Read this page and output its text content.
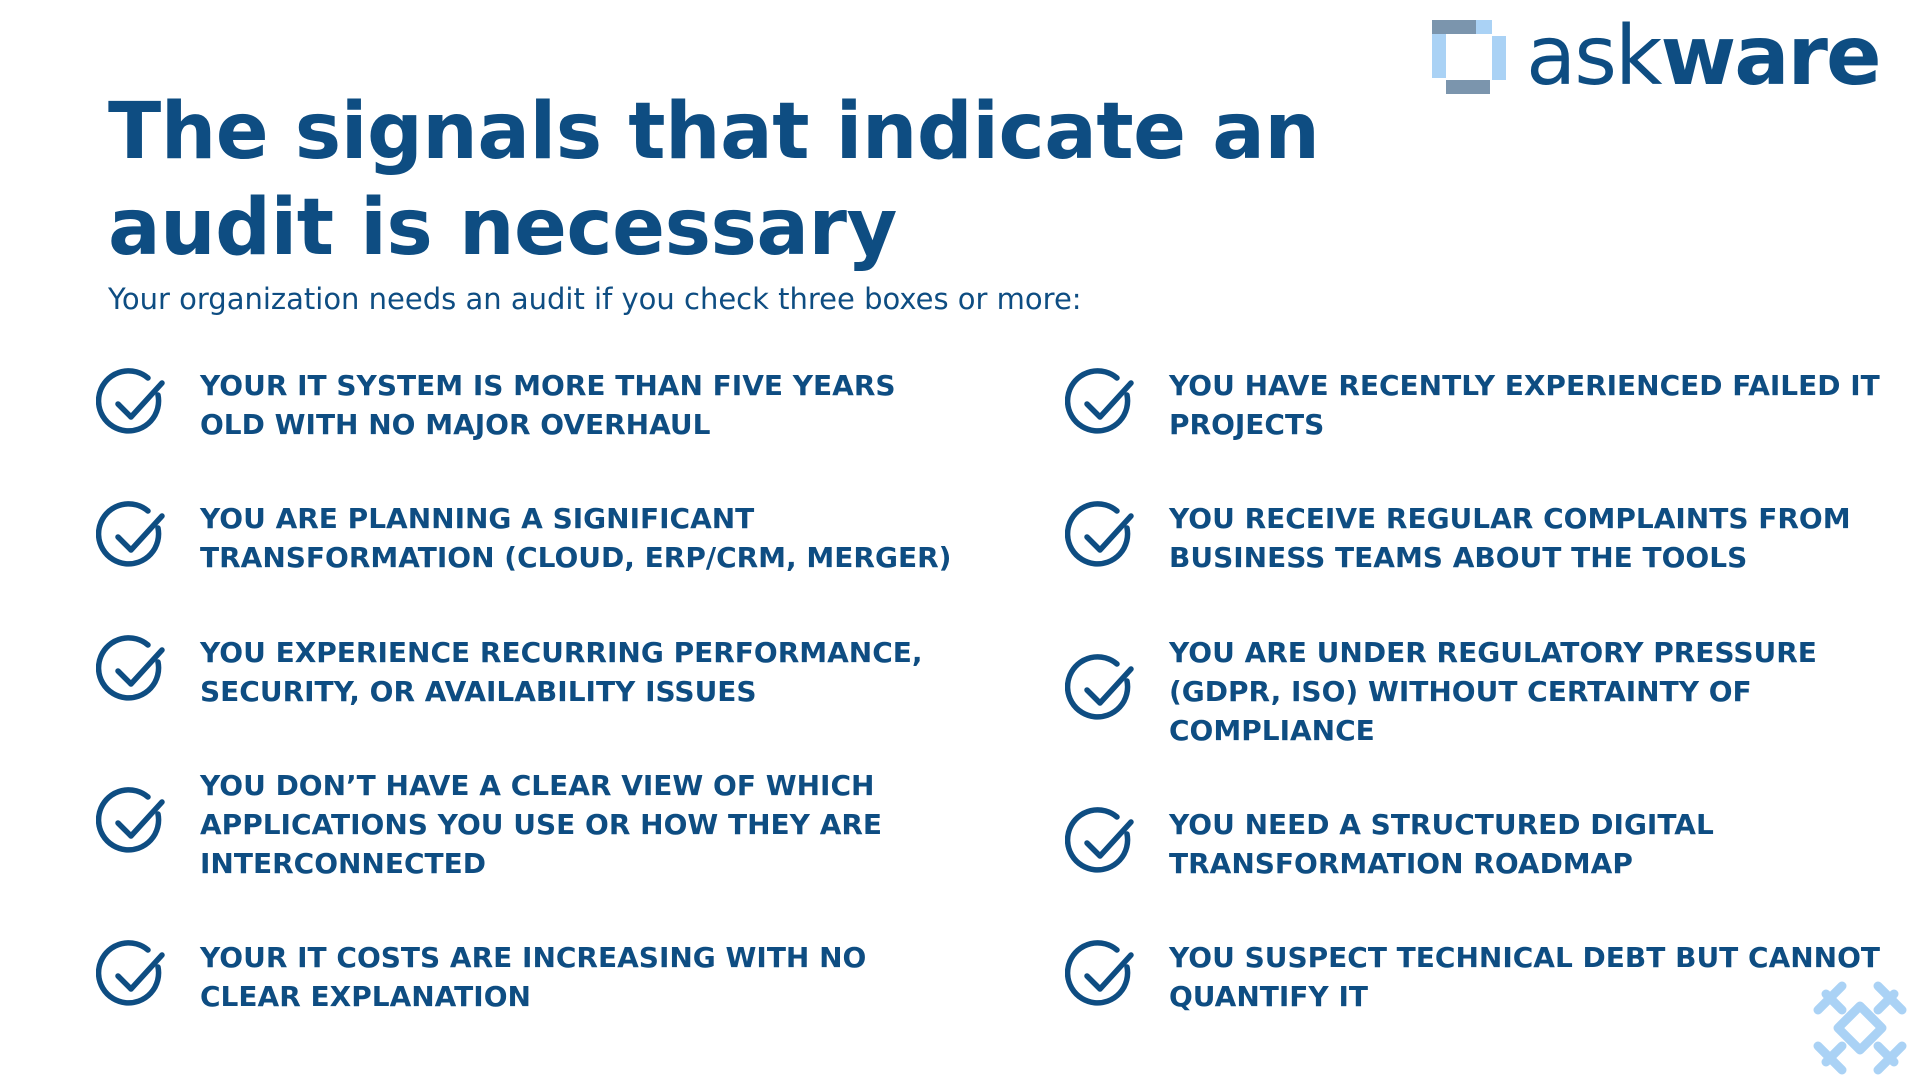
askware
The signals that indicate an audit is necessary

Your organization needs an audit if you check three boxes or more:

YOUR IT SYSTEM IS MORE THAN FIVE YEARS OLD WITH NO MAJOR OVERHAUL
YOU ARE PLANNING A SIGNIFICANT TRANSFORMATION (CLOUD, ERP/CRM, MERGER)
YOU EXPERIENCE RECURRING PERFORMANCE, SECURITY, OR AVAILABILITY ISSUES
YOU DON’T HAVE A CLEAR VIEW OF WHICH APPLICATIONS YOU USE OR HOW THEY ARE INTERCONNECTED
YOUR IT COSTS ARE INCREASING WITH NO CLEAR EXPLANATION
YOU HAVE RECENTLY EXPERIENCED FAILED IT PROJECTS
YOU RECEIVE REGULAR COMPLAINTS FROM BUSINESS TEAMS ABOUT THE TOOLS
YOU ARE UNDER REGULATORY PRESSURE (GDPR, ISO) WITHOUT CERTAINTY OF COMPLIANCE
YOU NEED A STRUCTURED DIGITAL TRANSFORMATION ROADMAP
YOU SUSPECT TECHNICAL DEBT BUT CANNOT QUANTIFY IT
